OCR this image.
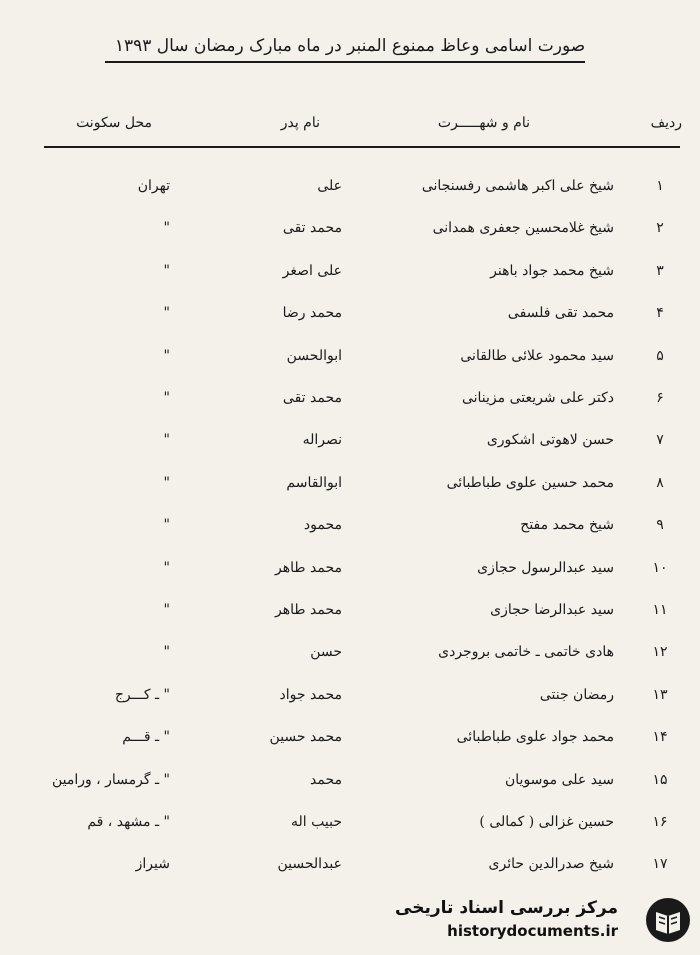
صورت اسامی وعاظ ممنوع المنبر در ماه مبارک رمضان سال ۱۳۹۳
ردیف
نام و شهـــــرت
نام پدر
محل سکونت
۱
شیخ علی اکبر هاشمی رفسنجانی
علی
تهران
۲
شیخ غلامحسین جعفری همدانی
محمد تقی
"
۳
شیخ محمد جواد باهنر
علی اصغر
"
۴
محمد تقی فلسفی
محمد رضا
"
۵
سید محمود علائی طالقانی
ابوالحسن
"
۶
دکتر علی شریعتی مزینانی
محمد تقی
"
۷
حسن لاهوتی اشکوری
نصراله
"
۸
محمد حسین علوی طباطبائی
ابوالقاسم
"
۹
شیخ محمد مفتح
محمود
"
۱۰
سید عبدالرسول حجازی
محمد طاهر
"
۱۱
سید عبدالرضا حجازی
محمد طاهر
"
۱۲
هادی خاتمی ـ خاتمی بروجردی
حسن
"
۱۳
رمضان جنتی
محمد جواد
" ـ کـــرج
۱۴
محمد جواد علوی طباطبائی
محمد حسین
" ـ قـــم
۱۵
سید علی موسویان
محمد
" ـ گرمسار ، ورامین
۱۶
حسین غزالی ( کمالی )
حبیب اله
" ـ مشهد ، قم
۱۷
شیخ صدرالدین حائری
عبدالحسین
شیراز
مرکز بررسی اسناد تاریخی
historydocuments.ir
